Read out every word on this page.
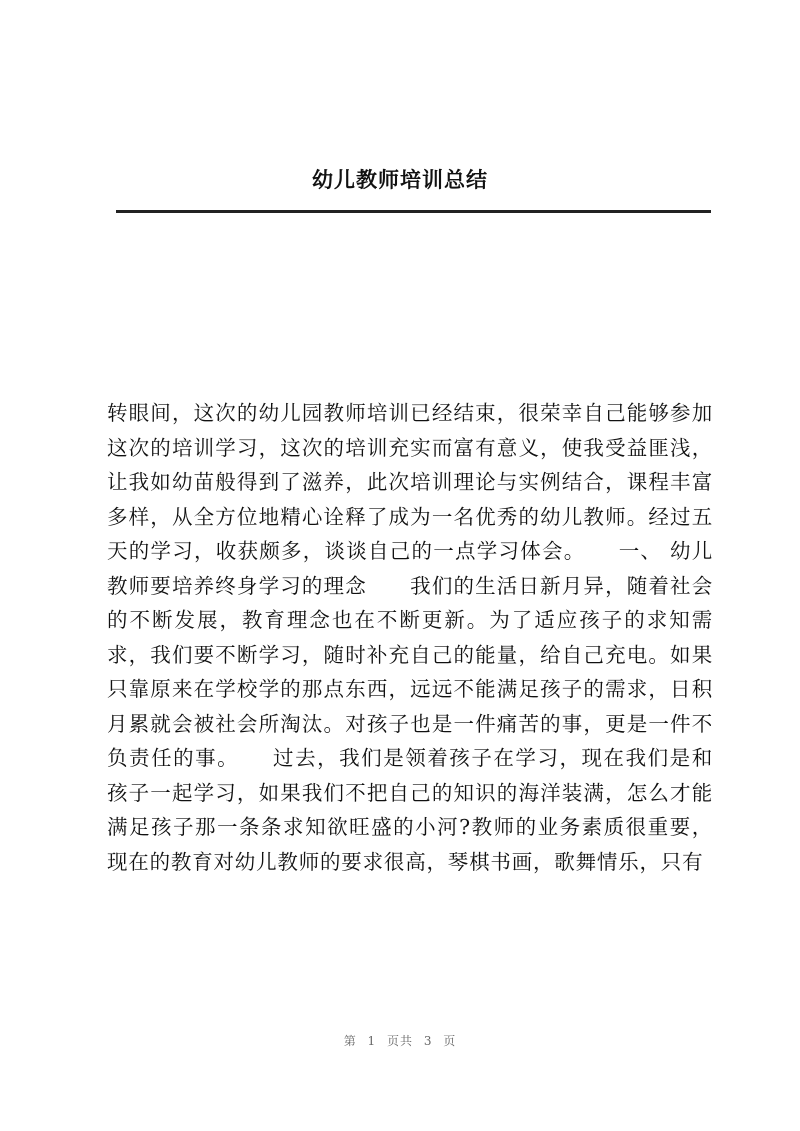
幼儿教师培训总结

转眼间，这次的幼儿园教师培训已经结束，很荣幸自己能够参加这次的培训学习，这次的培训充实而富有意义，使我受益匪浅，让我如幼苗般得到了滋养，此次培训理论与实例结合，课程丰富多样，从全方位地精心诠释了成为一名优秀的幼儿教师。经过五天的学习，收获颇多，谈谈自己的一点学习体会。　　一、 幼儿教师要培养终身学习的理念　　我们的生活日新月异，随着社会的不断发展，教育理念也在不断更新。为了适应孩子的求知需求，我们要不断学习，随时补充自己的能量，给自己充电。如果只靠原来在学校学的那点东西，远远不能满足孩子的需求，日积月累就会被社会所淘汰。对孩子也是一件痛苦的事，更是一件不负责任的事。　　过去，我们是领着孩子在学习，现在我们是和孩子一起学习，如果我们不把自己的知识的海洋装满，怎么才能满足孩子那一条条求知欲旺盛的小河?教师的业务素质很重要，现在的教育对幼儿教师的要求很高，琴棋书画，歌舞情乐，只有

第 1 页共 3 页
